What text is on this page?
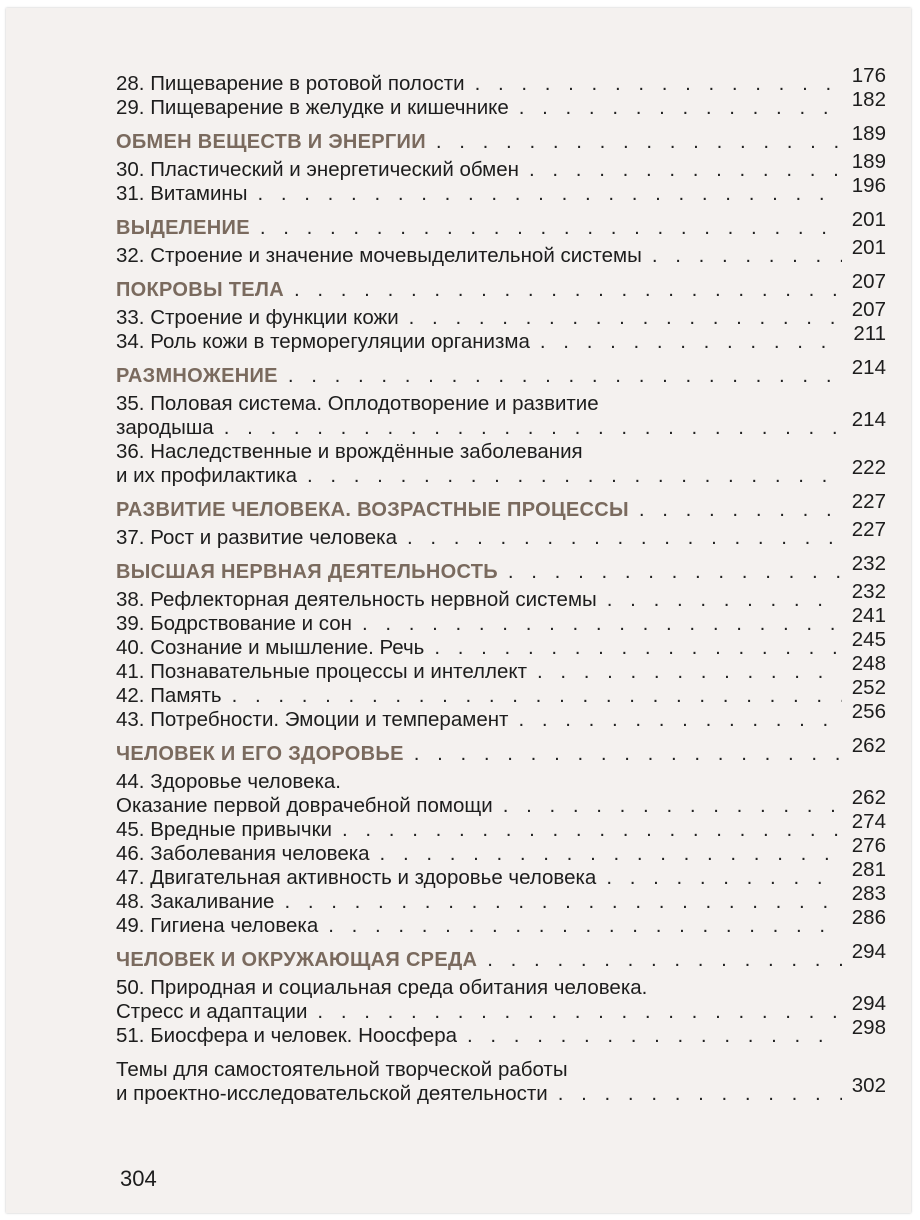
28. Пищеварение в ротовой полости . . .	176
29. Пищеварение в желудке и кишечнике . . .	182
ОБМЕН ВЕЩЕСТВ И ЭНЕРГИИ . . .	189
30. Пластический и энергетический обмен . . .	189
31. Витамины . . .	196
ВЫДЕЛЕНИЕ . . .	201
32. Строение и значение мочевыделительной системы . . .	201
ПОКРОВЫ ТЕЛА . . .	207
33. Строение и функции кожи . . .	207
34. Роль кожи в терморегуляции организма . . .	211
РАЗМНОЖЕНИЕ . . .	214
35. Половая система. Оплодотворение и развитие
зародыша . . .	214
36. Наследственные и врождённые заболевания
и их профилактика . . .	222
РАЗВИТИЕ ЧЕЛОВЕКА. ВОЗРАСТНЫЕ ПРОЦЕССЫ . . .	227
37. Рост и развитие человека . . .	227
ВЫСШАЯ НЕРВНАЯ ДЕЯТЕЛЬНОСТЬ . . .	232
38. Рефлекторная деятельность нервной системы . . .	232
39. Бодрствование и сон . . .	241
40. Сознание и мышление. Речь . . .	245
41. Познавательные процессы и интеллект . . .	248
42. Память . . .	252
43. Потребности. Эмоции и темперамент . . .	256
ЧЕЛОВЕК И ЕГО ЗДОРОВЬЕ . . .	262
44. Здоровье человека.
Оказание первой доврачебной помощи . . .	262
45. Вредные привычки . . .	274
46. Заболевания человека . . .	276
47. Двигательная активность и здоровье человека . . .	281
48. Закаливание . . .	283
49. Гигиена человека . . .	286
ЧЕЛОВЕК И ОКРУЖАЮЩАЯ СРЕДА . . .	294
50. Природная и социальная среда обитания человека.
Стресс и адаптации . . .	294
51. Биосфера и человек. Ноосфера . . .	298
Темы для самостоятельной творческой работы
и проектно-исследовательской деятельности . . .	302
304
